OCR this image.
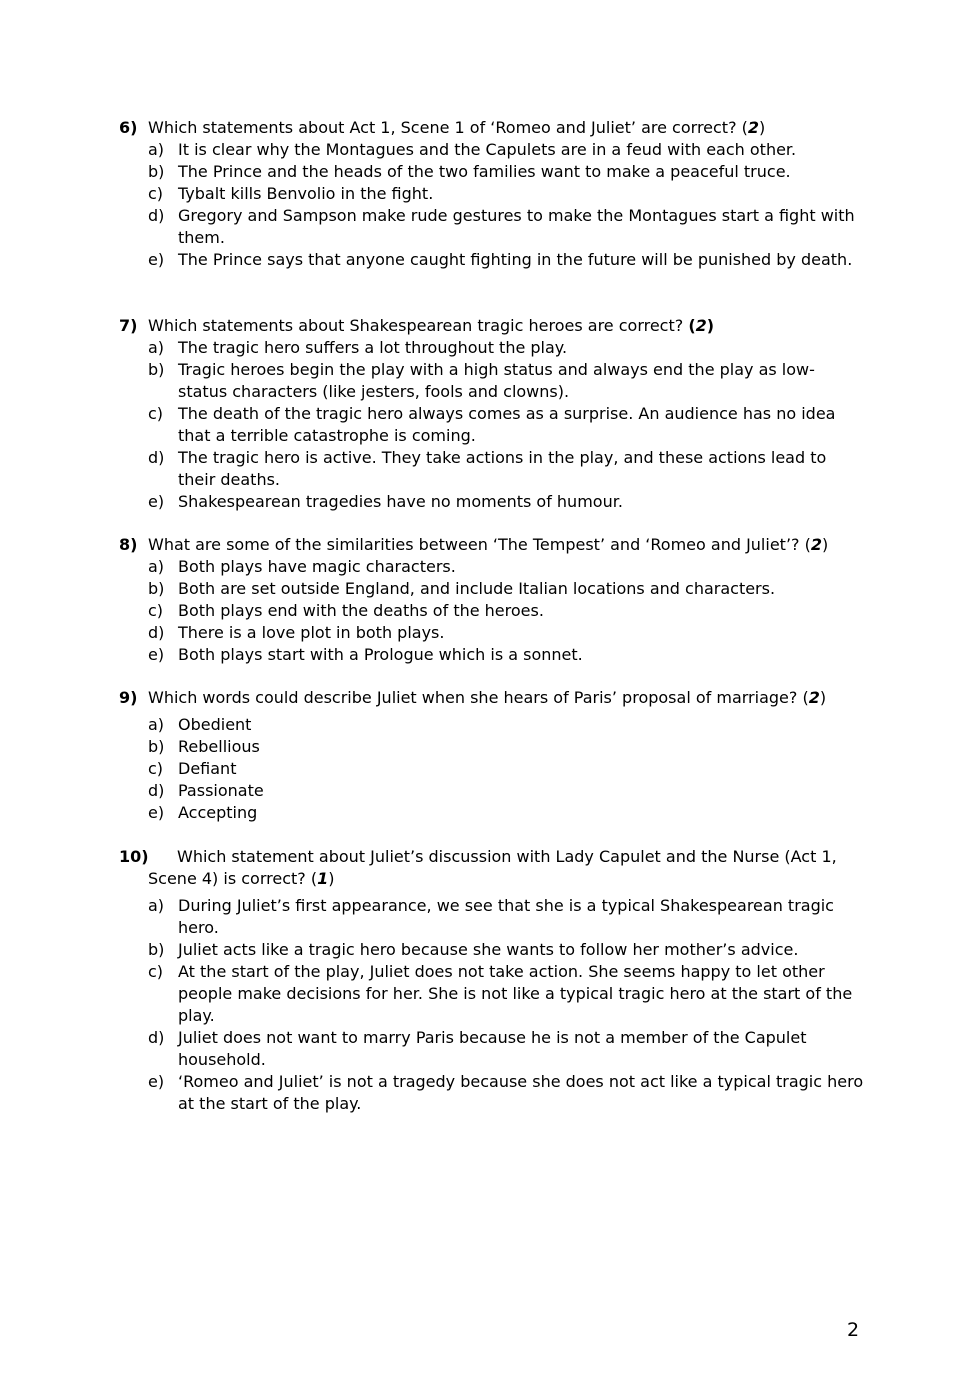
6) Which statements about Act 1, Scene 1 of ‘Romeo and Juliet’ are correct? (2)
a) It is clear why the Montagues and the Capulets are in a feud with each other.
b) The Prince and the heads of the two families want to make a peaceful truce.
c) Tybalt kills Benvolio in the fight.
d) Gregory and Sampson make rude gestures to make the Montagues start a fight with them.
e) The Prince says that anyone caught fighting in the future will be punished by death.
7) Which statements about Shakespearean tragic heroes are correct? (2)
a) The tragic hero suffers a lot throughout the play.
b) Tragic heroes begin the play with a high status and always end the play as low-status characters (like jesters, fools and clowns).
c) The death of the tragic hero always comes as a surprise. An audience has no idea that a terrible catastrophe is coming.
d) The tragic hero is active. They take actions in the play, and these actions lead to their deaths.
e) Shakespearean tragedies have no moments of humour.
8) What are some of the similarities between ‘The Tempest’ and ‘Romeo and Juliet’? (2)
a) Both plays have magic characters.
b) Both are set outside England, and include Italian locations and characters.
c) Both plays end with the deaths of the heroes.
d) There is a love plot in both plays.
e) Both plays start with a Prologue which is a sonnet.
9) Which words could describe Juliet when she hears of Paris’ proposal of marriage? (2)
a) Obedient
b) Rebellious
c) Defiant
d) Passionate
e) Accepting
10)	Which statement about Juliet’s discussion with Lady Capulet and the Nurse (Act 1,
Scene 4) is correct? (1)
a) During Juliet’s first appearance, we see that she is a typical Shakespearean tragic hero.
b) Juliet acts like a tragic hero because she wants to follow her mother’s advice.
c) At the start of the play, Juliet does not take action. She seems happy to let other people make decisions for her. She is not like a typical tragic hero at the start of the play.
d) Juliet does not want to marry Paris because he is not a member of the Capulet household.
e) ‘Romeo and Juliet’ is not a tragedy because she does not act like a typical tragic hero at the start of the play.
2
